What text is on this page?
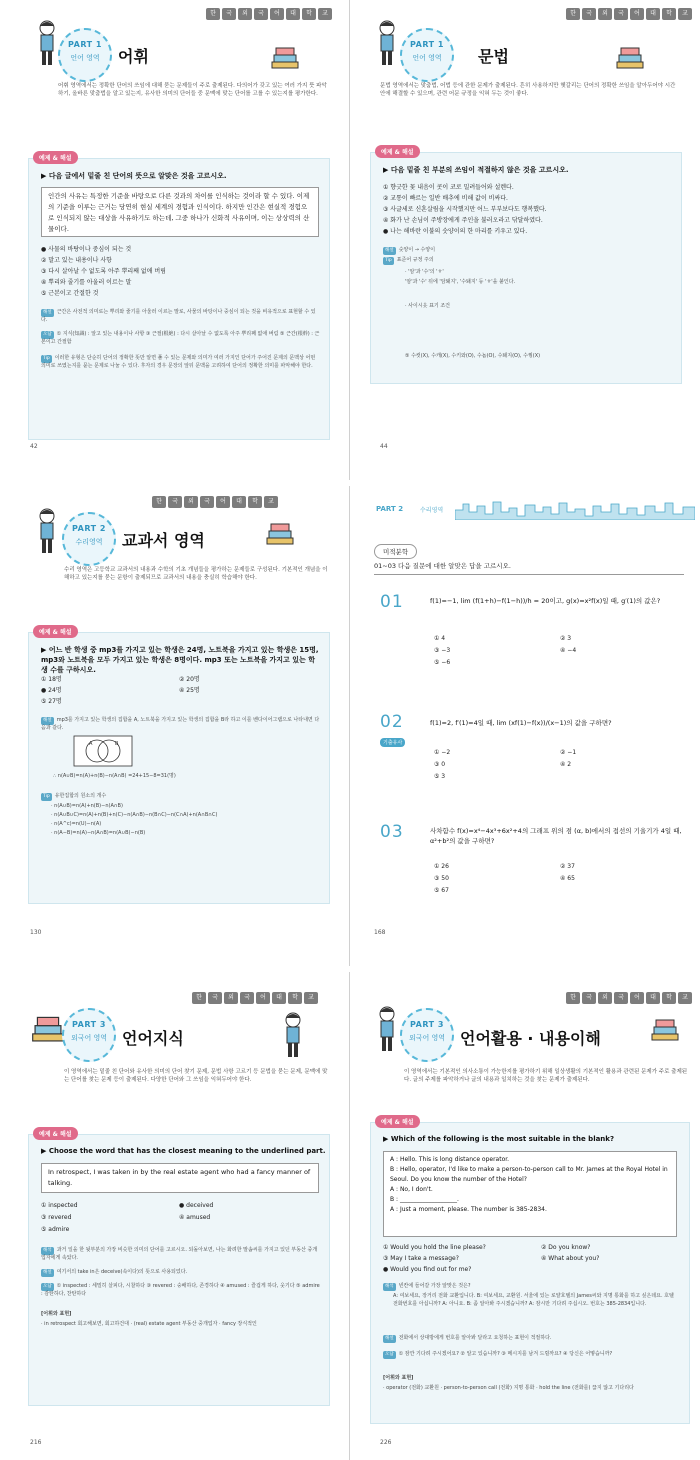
한	국	외	국	어	대	학	교
PART 1
언어 영역	어휘
어휘 영역에서는 정확한 단어의 쓰임에 대해 묻는 문제들이 주로 출제된다. 다의어가 갖고 있는 여러 가지 뜻 파악하기, 올바른 맞춤법을 알고 있는지, 유사한 의미의 단어들 중 문맥에 맞는 단어를 고를 수 있는지를 평가한다.
예제 & 해설
▶ 다음 글에서 밑줄 친 단어의 뜻으로 알맞은 것을 고르시오.
인간의 사유는 특정한 기준을 바탕으로 다른 것과의 차이를 인식하는 것이라 할 수 있다. 이제의 기준을 이루는 근거는 당연히 현실 세계의 경험과 인식이다. 하지만 인간은 현실적 경험으로 인식되지 않는 대상을 사유하기도 하는데, 그중 하나가 신화적 사유이며, 이는 상상력의 산물이다.
● 사물의 바탕이나 중심이 되는 것
② 말고 있는 내용이나 사항
③ 다시 살아날 수 없도록 아주 뿌리째 없애 버림
④ 뿌리와 줄기를 아울러 이르는 말
⑤ 근본이고 간절한 것
해설 근간은 사전적 의미로는 뿌리와 줄기를 아울러 이르는 말로, 사물의 바탕이나 중심이 되는 것을 비유적으로 표현할 수 있다.
오답 ① 지식(知識) : 알고 있는 내용이나 사항 ③ 근절(根絶) : 다시 살아날 수 없도록 아주 뿌리째 없애 버림 ⑤ 근간(根幹) : 근본이고 간절함
Tip 이러한 유형은 단순히 단어의 정확한 뜻만 알면 풀 수 있는 문제와 의미가 여러 가지인 단어가 주어진 문제의 문맥상 어떤 의미로 쓰였는지를 묻는 문제로 나눌 수 있다. 후자의 경우 문장의 앞뒤 문맥을 고려하여 단어의 정확한 의미를 파악해야 한다.
42
한	국	외	국	어	대	학	교
PART 1
언어 영역	문법
문법 영역에서는 맞춤법, 어법 등에 관한 문제가 출제된다. 흔히 사용하지만 헷갈리는 단어의 정확한 쓰임을 알아두어야 시간 안에 해결할 수 있으며, 관련 어문 규정을 익혀 두는 것이 좋다.
예제 & 해설
▶ 다음 밑줄 친 부분의 쓰임이 적절하지 않은 것을 고르시오.
① 향긋한 꽃 내음이 콧이 코로 밀려들어와 설렌다.
② 교통이 빠르는 일반 배추에 비해 값이 비싸다.
③ 사글세로 신혼살림을 시작했지만 어느 부부보다도 행복했다.
④ 화가 난 손님이 주방장에게 주인을 불러오라고 닦달하였다.
● 나는 해바란 이불의 숫양이의 한 마리를 키우고 있다.
해설 숫양이 → 수양이
Tip 표준어 규정 주의
· '암'과 '수'의 'ㅎ'
'암'과 '수' 뒤에 '암퇘지', '수퇘지' 등 'ㅎ'을 붙인다.
· 사이시옷 표기 조건
⑤ 수컷(X), 수캐(X), 수키와(O), 수놈(O), 수퇘지(O), 수꿩(X)
44
한	국	외	국	어	대	학	교
PART 2
수리영역	교과서 영역
수리 영역은 고등학교 교과서의 내용과 수학의 기초 개념들을 평가하는 문제들로 구성된다. 기본적인 개념을 이해하고 있는지를 묻는 문항이 출제되므로 교과서의 내용을 충실히 학습해야 한다.
예제 & 해설
▶ 어느 반 학생 중 mp3를 가지고 있는 학생은 24명, 노트북을 가지고 있는 학생은 15명, mp3와 노트북을 모두 가지고 있는 학생은 8명이다. mp3 또는 노트북을 가지고 있는 학생 수를 구하시오.
① 18명	② 20명
● 24명	④ 25명
⑤ 27명
해설 mp3를 가지고 있는 학생의 집합을 A, 노트북을 가지고 있는 학생의 집합을 B라 하고 이를 벤다이어그램으로 나타내면 다음과 같다.
A	B
∴ n(A∪B)=n(A)+n(B)−n(A∩B) =24+15−8=31(명)
Tip 유한집합의 원소의 개수
· n(A∪B)=n(A)+n(B)−n(A∩B)
· n(A∪B∪C)=n(A)+n(B)+n(C)−n(A∩B)−n(B∩C)−n(C∩A)+n(A∩B∩C)
· n(A^c)=n(U)−n(A)
· n(A−B)=n(A)−n(A∩B)=n(A∪B)−n(B)
130
PART 2	수리영역
미적분학
01~03 다음 질문에 대한 알맞은 답을 고르시오.
01	f(1)=−1, lim (f(1+h)−f(1−h))/h = 20이고, g(x)=x²f(x)일 때, g′(1)의 값은?
① 4	② 3
③ −3	④ −4
⑤ −6
02
기출유사
f(1)=2, f′(1)=4일 때, lim (xf(1)−f(x))/(x−1)의 값을 구하면?
① −2	② −1
③ 0	④ 2
⑤ 3
03	사차함수 f(x)=x⁴−4x³+6x²+4의 그래프 위의 점 (α, b)에서의 접선의 기울기가 4일 때, α²+b²의 값을 구하면?
① 26	② 37
③ 50	④ 65
⑤ 67
168
한	국	외	국	어	대	학	교
PART 3
외국어 영역 언어지식
이 영역에서는 밑줄 친 단어와 유사한 의미의 단어 찾기 문제, 문법 사항 고르기 등 문법을 묻는 문제, 문맥에 맞는 단어를 찾는 문제 등이 출제된다. 다양한 단어와 그 쓰임을 익혀두어야 한다.
예제 & 해설
▶ Choose the word that has the closest meaning to the underlined part.
In retrospect, I was taken in by the real estate agent who had a fancy manner of talking.
① inspected	● deceived
③ revered	④ amused
⑤ admire
해석 과거 일을 한 뒷부분의 가장 비슷한 의미의 단어를 고르시오. 되돌아보면, 나는 화려한 말솜씨를 가지고 있던 부동산 중개업자에게 속았다.
해설 여기서의 take in은 deceive(속이다)의 뜻으로 사용되었다.
오답 ① inspected : 세밀히 살피다, 시찰하다 ③ revered : 숭배하다, 존경하다 ④ amused : 즐겁게 하다, 웃기다 ⑤ admire : 감탄하다, 찬탄하다
[어휘와 표현]
· in retrospect 회고해보면, 회고하건대 · (real) estate agent 부동산 중개업자 · fancy 장식적인
216
한	국	외	국	어	대	학	교
PART 3
외국어 영역 언어활용 · 내용이해
이 영역에서는 기본적인 의사소통이 가능한지를 평가하기 위해 일상생활의 기본적인 활용과 관련된 문제가 주로 출제된다. 글의 주제를 파악하거나 글의 내용과 일치하는 것을 찾는 문제가 출제된다.
예제 & 해설
▶ Which of the following is the most suitable in the blank?
A : Hello. This is long distance operator.
B : Hello, operator, I'd like to make a person-to-person call to Mr. James at the Royal Hotel in Seoul. Do you know the number of the Hotel?
A : No, I don't.
B : ___________________.
A : Just a moment, please. The number is 385-2834.
① Would you hold the line please?	② Do you know?
③ May I take a message?	④ What about you?
● Would you find out for me?
해석 빈칸에 들어갈 가장 알맞은 것은?
A: 여보세요, 장거리 전화 교환입니다. B: 여보세요, 교환원. 서울에 있는 로얄호텔의 James씨와 지명 통화를 하고 싶은데요. 호텔 전화번호를 아십니까? A: 아니요. B: 좀 알아봐 주시겠습니까? A: 잠시만 기다려 주십시오. 번호는 385-2834입니다.
해설 전화에서 상대방에게 번호를 알아봐 달라고 요청하는 표현이 적절하다.
오답 ① 잠깐 기다려 주시겠어요? ② 알고 있습니까? ③ 메시지를 남겨 드릴까요? ④ 당신은 어떻습니까?
[어휘와 표현]
· operator (전화) 교환원 · person-to-person call (전화) 지명 통화 · hold the line (전화를) 끊지 않고 기다리다
226
